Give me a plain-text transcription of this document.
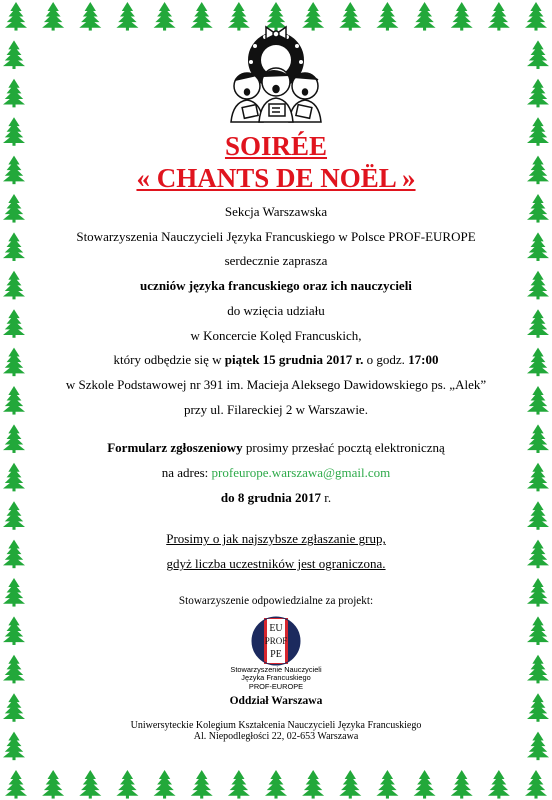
SOIRÉE

« CHANTS DE NOËL »

Sekcja Warszawska

Stowarzyszenia Nauczycieli Języka Francuskiego w Polsce PROF-EUROPE

serdecznie zaprasza

uczniów języka francuskiego oraz ich nauczycieli

do wzięcia udziału

w Koncercie Kolęd Francuskich,

który odbędzie się w piątek 15 grudnia 2017 r. o godz. 17:00

w Szkole Podstawowej nr 391 im. Macieja Aleksego Dawidowskiego ps. „Alek”

przy ul. Filareckiej 2 w Warszawie.

Formularz zgłoszeniowy prosimy przesłać pocztą elektroniczną

na adres: profeurope.warszawa@gmail.com

do 8 grudnia 2017 r.

Prosimy o jak najszybsze zgłaszanie grup,

gdyż liczba uczestników jest ograniczona.

Stowarzyszenie odpowiedzialne za projekt:

EU
PROF
PE

Stowarzyszenie Nauczycieli

Języka Francuskiego

PROF-EUROPE

Oddział Warszawa

Uniwersyteckie Kolegium Kształcenia Nauczycieli Języka Francuskiego

Al. Niepodległości 22, 02-653 Warszawa
